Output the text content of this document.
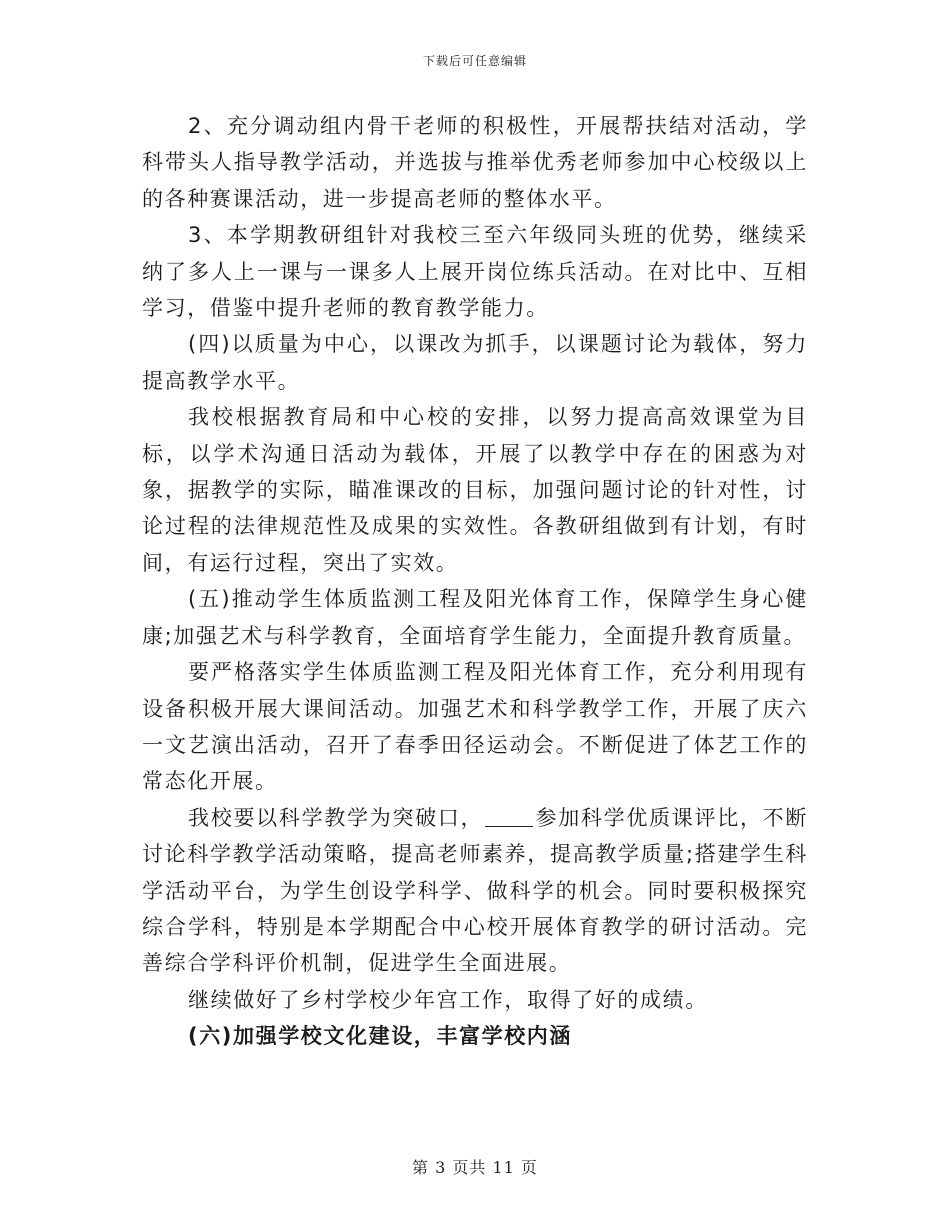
下载后可任意编辑

2、充分调动组内骨干老师的积极性，开展帮扶结对活动，学科带头人指导教学活动，并选拔与推举优秀老师参加中心校级以上的各种赛课活动，进一步提高老师的整体水平。

3、本学期教研组针对我校三至六年级同头班的优势，继续采纳了多人上一课与一课多人上展开岗位练兵活动。在对比中、互相学习，借鉴中提升老师的教育教学能力。

(四)以质量为中心，以课改为抓手，以课题讨论为载体，努力提高教学水平。

我校根据教育局和中心校的安排，以努力提高高效课堂为目标，以学术沟通日活动为载体，开展了以教学中存在的困惑为对象，据教学的实际，瞄准课改的目标，加强问题讨论的针对性，讨论过程的法律规范性及成果的实效性。各教研组做到有计划，有时间，有运行过程，突出了实效。

(五)推动学生体质监测工程及阳光体育工作，保障学生身心健康;加强艺术与科学教育，全面培育学生能力，全面提升教育质量。

要严格落实学生体质监测工程及阳光体育工作，充分利用现有设备积极开展大课间活动。加强艺术和科学教学工作，开展了庆六一文艺演出活动，召开了春季田径运动会。不断促进了体艺工作的常态化开展。

我校要以科学教学为突破口， 参加科学优质课评比，不断讨论科学教学活动策略，提高老师素养，提高教学质量;搭建学生科学活动平台，为学生创设学科学、做科学的机会。同时要积极探究综合学科，特别是本学期配合中心校开展体育教学的研讨活动。完善综合学科评价机制，促进学生全面进展。

继续做好了乡村学校少年宫工作，取得了好的成绩。

(六)加强学校文化建设，丰富学校内涵

第 3 页共 11 页
